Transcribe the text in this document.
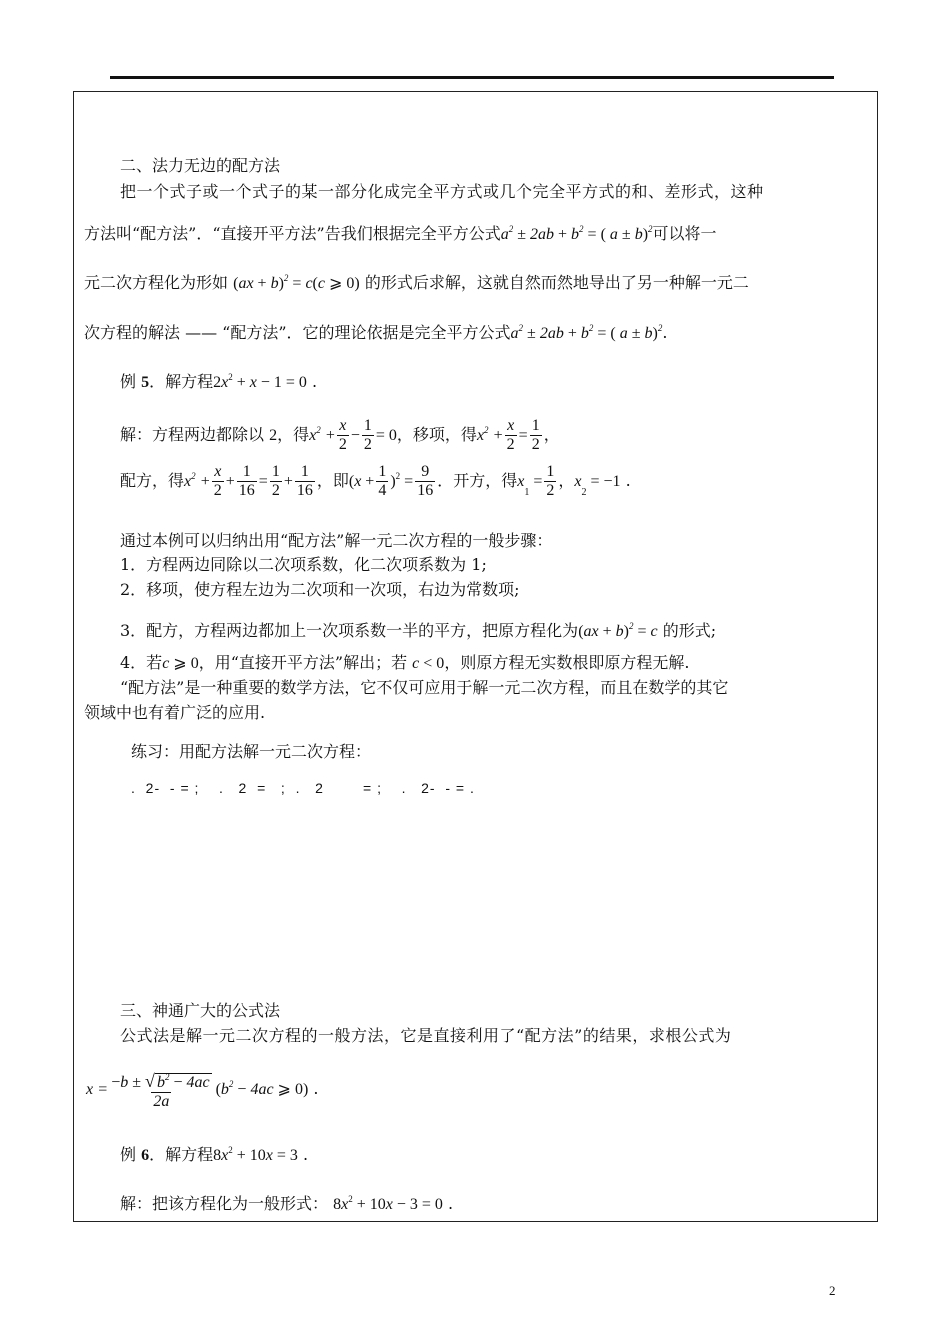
二、法力无边的配方法
把一个式子或一个式子的某一部分化成完全平方式或几个完全平方式的和、差形式，这种
方法叫“配方法”．“直接开平方法”告我们根据完全平方公式$a^2 \pm 2ab + b^2$ = ( a ± b)$^2$可以将一
元二次方程化为形如 (ax + b)$^2$ = c(c ⩾ 0) 的形式后求解，这就自然而然地导出了另一种解一元二
次方程的解法 —— “配方法”．它的理论依据是完全平方公式$a^2 \pm 2ab + b^2$ = ( a ± b)$^2$.
例 5．解方程$2x^2 + x - 1 = 0$ .
解：方程两边都除以 2，得$x^2 + \frac{x}{2} - \frac{1}{2} = 0$，移项，得$x^2 + \frac{x}{2} = \frac{1}{2}$ ，
配方，得$x^2 + \frac{x}{2} + \frac{1}{16} = \frac{1}{2} + \frac{1}{16}$ ，即$(x + \frac{1}{4} )^2 = \frac{9}{16}$ ．开方，得$x_1 = \frac{1}{2}$ ，$x_2 = -1$ .
通过本例可以归纳出用“配方法”解一元二次方程的一般步骤：
1．方程两边同除以二次项系数，化二次项系数为 1;
2．移项，使方程左边为二次项和一次项，右边为常数项;
3．配方，方程两边都加上一次项系数一半的平方，把原方程化为(ax + b)$^2$ = c 的形式;
4．若c ⩾ 0，用“直接开平方法”解出；若 c < 0，则原方程无实数根即原方程无解.
“配方法”是一种重要的数学方法，它不仅可应用于解一元二次方程，而且在数学的其它
领域中也有着广泛的应用.
练习：用配方法解一元二次方程：
.  2-  - = ;    .   2  =   ;  .   2        = ;    .   2-  - = .
三、神通广大的公式法
公式法是解一元二次方程的一般方法，它是直接利用了“配方法”的结果，求根公式为
$x = \frac{-b \pm √ b^2 - 4ac}{2a} (b^2 - 4ac$ ⩾ 0) .
例 6．解方程$8x^2 + 10x = 3$ .
解：把该方程化为一般形式： $8x^2 + 10x - 3 = 0$ .
2
